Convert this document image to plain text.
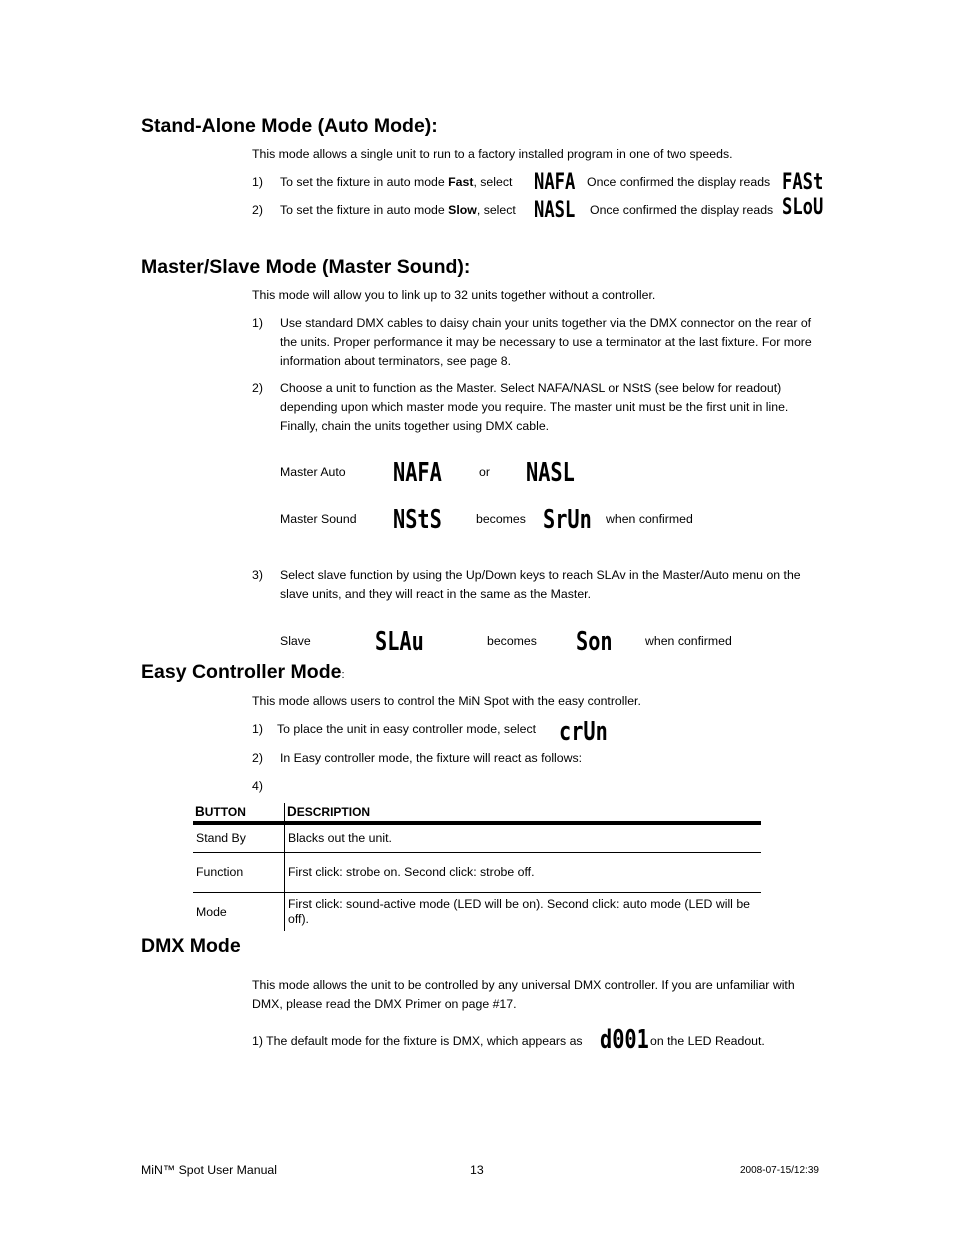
Stand-Alone Mode (Auto Mode):
This mode allows a single unit to run to a factory installed program in one of two speeds.
1) To set the fixture in auto mode Fast, select NAFA Once confirmed the display reads FASt
2) To set the fixture in auto mode Slow, select NASL Once confirmed the display reads SLoU
Master/Slave Mode (Master Sound):
This mode will allow you to link up to 32 units together without a controller.
1) Use standard DMX cables to daisy chain your units together via the DMX connector on the rear of the units. Proper performance it may be necessary to use a terminator at the last fixture. For more information about terminators, see page 8.
2) Choose a unit to function as the Master. Select NAFA/NASL or NStS (see below for readout) depending upon which master mode you require. The master unit must be the first unit in line. Finally, chain the units together using DMX cable.
Master Auto NAFA	or NASL
Master Sound NStS	becomes SrUn when confirmed
3) Select slave function by using the Up/Down keys to reach SLAv in the Master/Auto menu on the slave units, and they will react in the same as the Master.
Slave SLAu	becomes Son	when confirmed
Easy Controller Mode:
This mode allows users to control the MiN Spot with the easy controller.
1) To place the unit in easy controller mode, select crUn
2) In Easy controller mode, the fixture will react as follows:
4)
BUTTON	DESCRIPTION
Stand By	Blacks out the unit.
Function	First click: strobe on. Second click: strobe off.
Mode	First click: sound-active mode (LED will be on). Second click: auto mode (LED will be off).
DMX Mode
This mode allows the unit to be controlled by any universal DMX controller. If you are unfamiliar with DMX, please read the DMX Primer on page #17.
1) The default mode for the fixture is DMX, which appears as d001 on the LED Readout.
MiN™ Spot User Manual	13	2008-07-15/12:39
